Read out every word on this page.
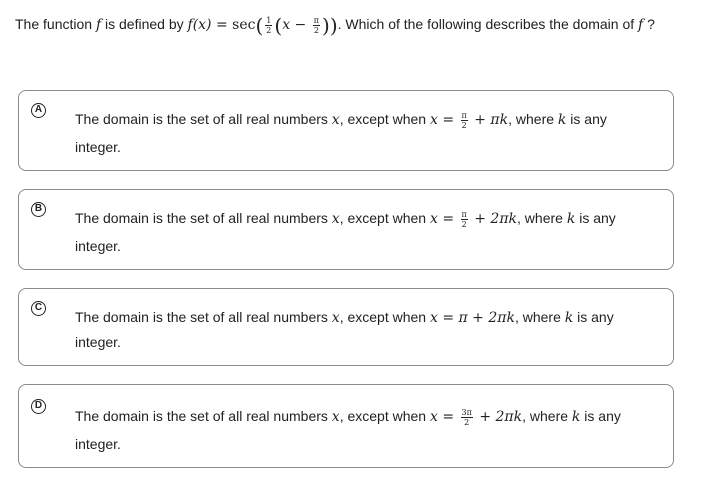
The function f is defined by $f(x) = \sec( \frac{1}{2} (x - \frac{\pi}{2}$ )). Which of the following describes the domain of f ?
A
The domain is the set of all real numbers x, except when $x = \frac{\pi}{2} + \pi k$, where k is any
integer.
B
The domain is the set of all real numbers x, except when $x = \frac{\pi}{2} + 2\pi k$, where k is any
integer.
C
The domain is the set of all real numbers x, except when x = π + 2πk, where k is any
integer.
D
The domain is the set of all real numbers x, except when $x = \frac{3\pi}{2} + 2\pi k$, where k is any
integer.
